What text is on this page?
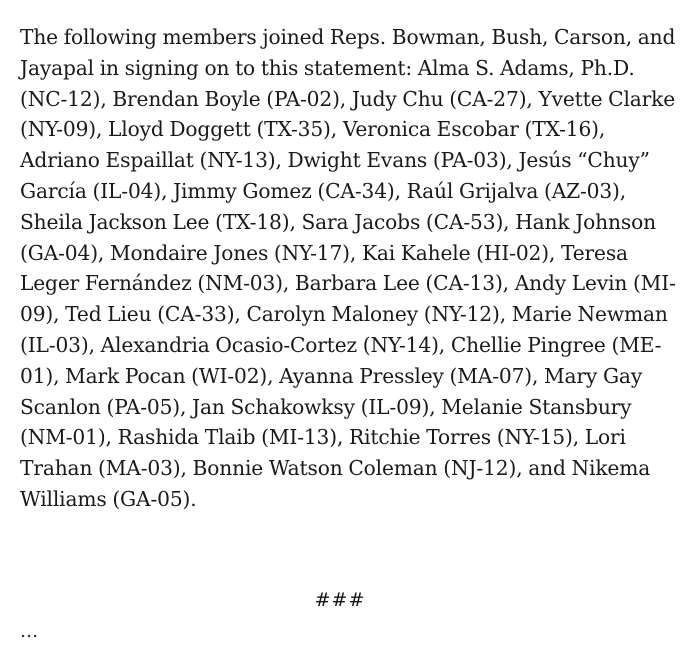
The following members joined Reps. Bowman, Bush, Carson, and
Jayapal in signing on to this statement: Alma S. Adams, Ph.D.
(NC-12), Brendan Boyle (PA-02), Judy Chu (CA-27), Yvette Clarke
(NY-09), Lloyd Doggett (TX-35), Veronica Escobar (TX-16),
Adriano Espaillat (NY-13), Dwight Evans (PA-03), Jesús “Chuy”
García (IL-04), Jimmy Gomez (CA-34), Raúl Grijalva (AZ-03),
Sheila Jackson Lee (TX-18), Sara Jacobs (CA-53), Hank Johnson
(GA-04), Mondaire Jones (NY-17), Kai Kahele (HI-02), Teresa
Leger Fernández (NM-03), Barbara Lee (CA-13), Andy Levin (MI-
09), Ted Lieu (CA-33), Carolyn Maloney (NY-12), Marie Newman
(IL-03), Alexandria Ocasio-Cortez (NY-14), Chellie Pingree (ME-
01), Mark Pocan (WI-02), Ayanna Pressley (MA-07), Mary Gay
Scanlon (PA-05), Jan Schakowksy (IL-09), Melanie Stansbury
(NM-01), Rashida Tlaib (MI-13), Ritchie Torres (NY-15), Lori
Trahan (MA-03), Bonnie Watson Coleman (NJ-12), and Nikema
Williams (GA-05).

###
...
